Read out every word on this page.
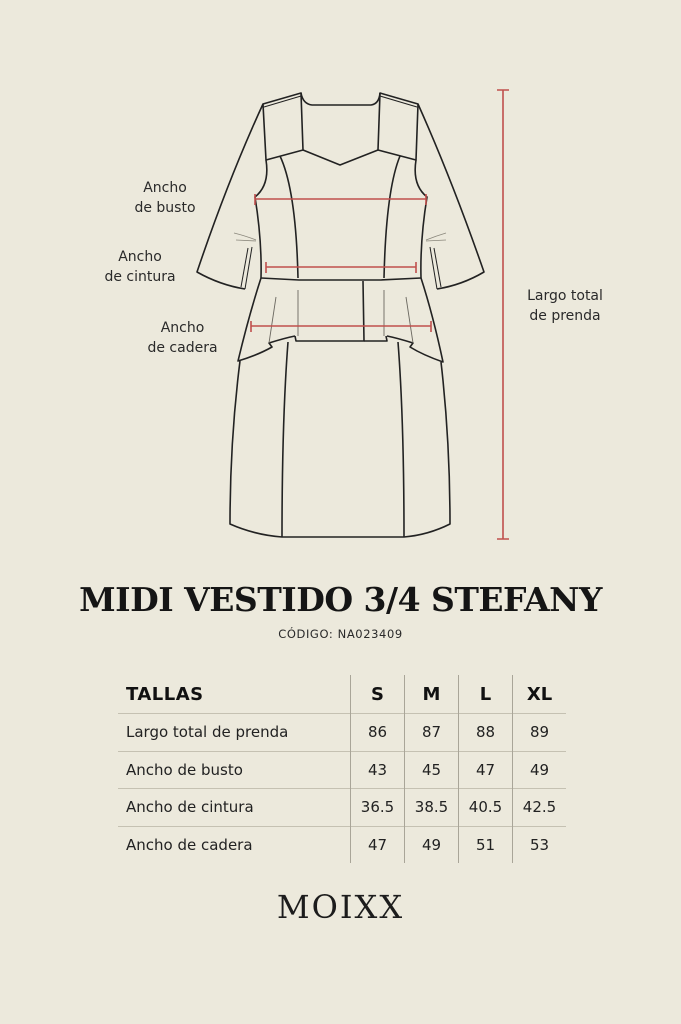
Ancho
de busto
Ancho
de cintura
Ancho
de cadera
Largo total
de prenda
MIDI VESTIDO 3/4 STEFANY
CÓDIGO: NA023409
TALLAS	S	M	L	XL
Largo total de prenda	86	87	88	89
Ancho de busto	43	45	47	49
Ancho de cintura	36.5	38.5	40.5	42.5
Ancho de cadera	47	49	51	53
MOIXX
